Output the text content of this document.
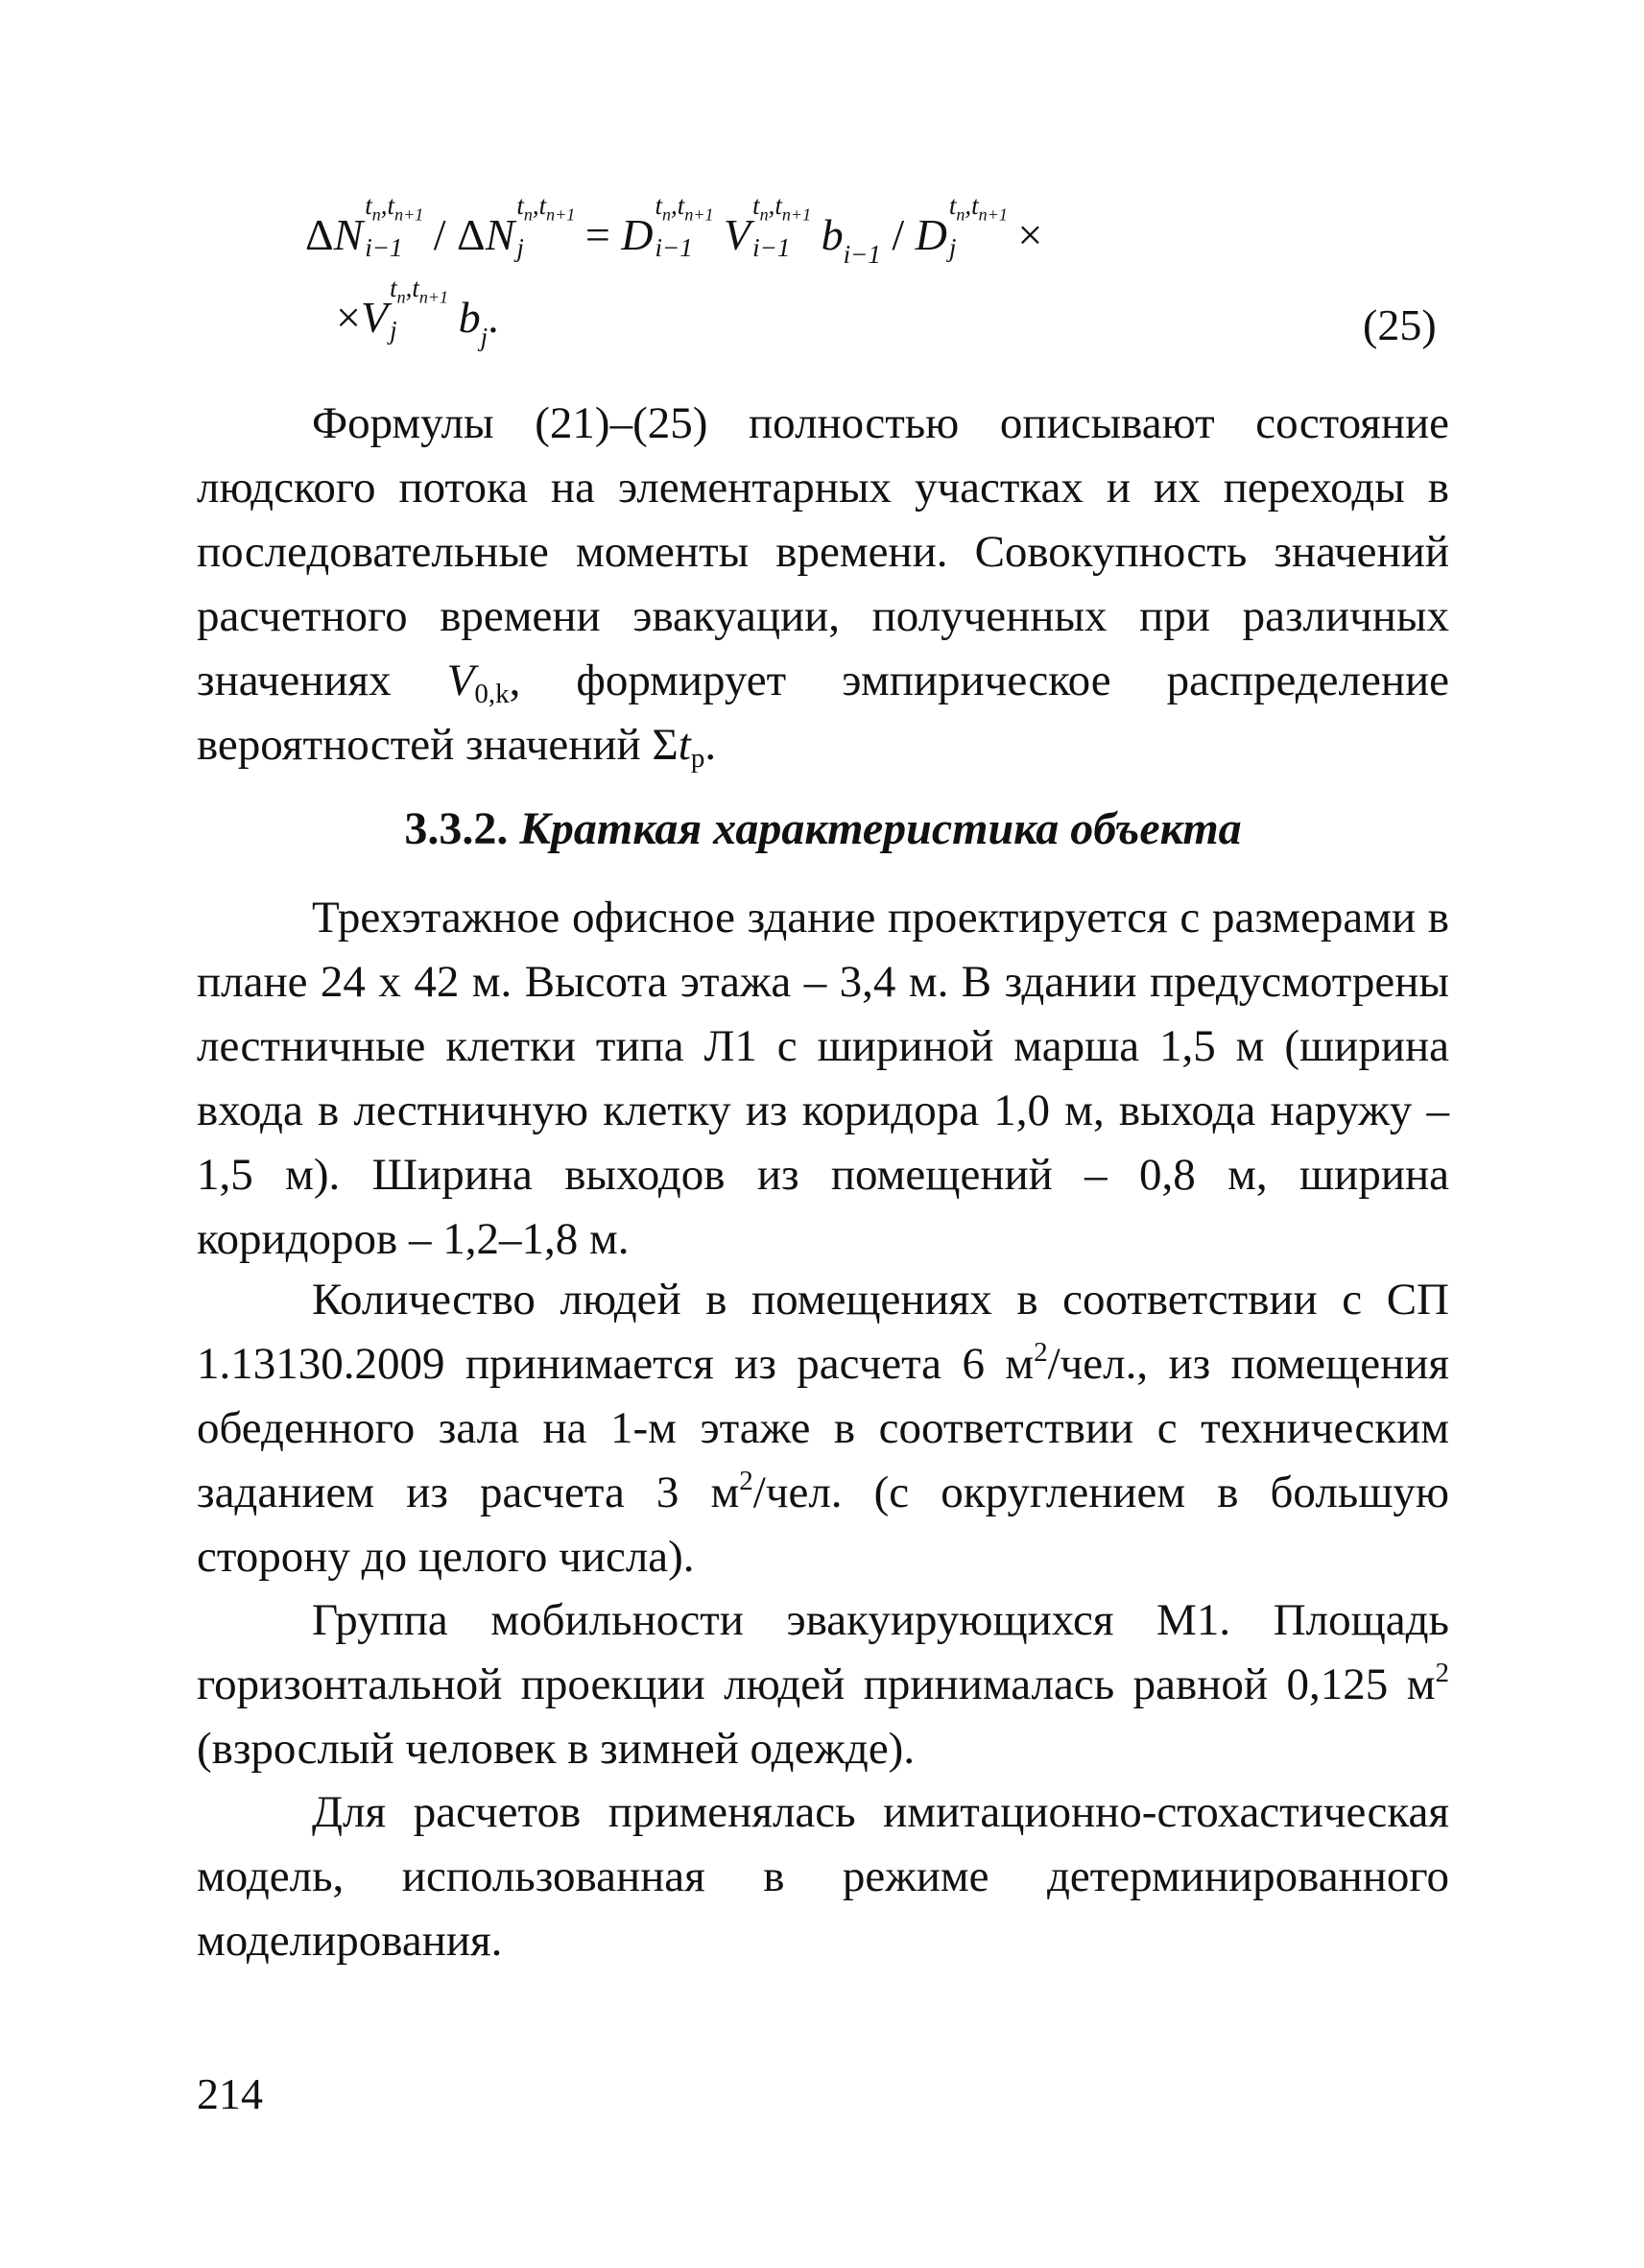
ΔN
$t_n,t_{n+1}$
i−1 / ΔN
$t_n,t_{n+1}$
j = D
$t_n,t_{n+1}$
i−1 V
$t_n,t_{n+1}$
i−1 $b_{i-1}$ / D
$t_n,t_{n+1}$
j ×
×V
$t_n,t_{n+1}$
j $b_j$.	(25)
Формулы (21)–(25) полностью описывают состояние людского потока на элементарных участках и их переходы в последовательные моменты времени. Совокупность значений расчетного времени эвакуации, полученных при различных значениях $V_{0,k}$, формирует эмпирическое распределение вероятностей значений $\Sigma t_р$.
3.3.2. Краткая характеристика объекта
Трехэтажное офисное здание проектируется с размерами в плане 24 х 42 м. Высота этажа – 3,4 м. В здании предусмотрены лестничные клетки типа Л1 с шириной марша 1,5 м (ширина входа в лестничную клетку из коридора 1,0 м, выхода наружу – 1,5 м). Ширина выходов из помещений – 0,8 м, ширина коридоров – 1,2–1,8 м.
Количество людей в помещениях в соответствии с СП 1.13130.2009 принимается из расчета 6 $м^2$/чел., из помещения обеденного зала на 1-м этаже в соответствии с техническим заданием из расчета 3 $м^2$/чел. (с округлением в большую сторону до целого числа).
Группа мобильности эвакуирующихся М1. Площадь горизонтальной проекции людей принималась равной 0,125 $м^2$ (взрослый человек в зимней одежде).
Для расчетов применялась имитационно-стохастическая модель, использованная в режиме детерминированного моделирования.
214
